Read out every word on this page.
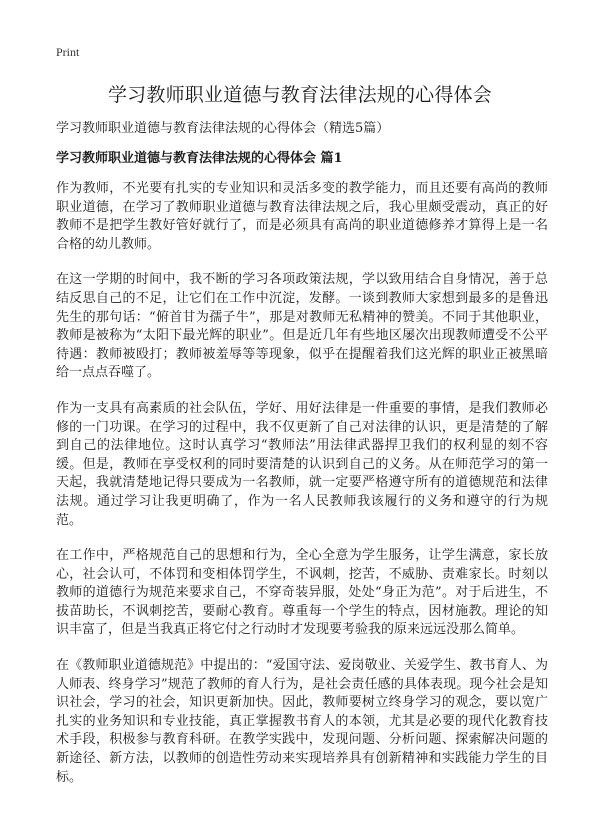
Print
学习教师职业道德与教育法律法规的心得体会

学习教师职业道德与教育法律法规的心得体会（精选5篇）

学习教师职业道德与教育法律法规的心得体会 篇1

作为教师，不光要有扎实的专业知识和灵活多变的教学能力，而且还要有高尚的教师职业道德，在学习了教师职业道德与教育法律法规之后，我心里颇受震动，真正的好教师不是把学生教好管好就行了，而是必须具有高尚的职业道德修养才算得上是一名合格的幼儿教师。

在这一学期的时间中，我不断的学习各项政策法规，学以致用结合自身情况，善于总结反思自己的不足，让它们在工作中沉淀，发酵。一谈到教师大家想到最多的是鲁迅先生的那句话：“俯首甘为孺子牛”，那是对教师无私精神的赞美。不同于其他职业，教师是被称为“太阳下最光辉的职业”。但是近几年有些地区屡次出现教师遭受不公平待遇：教师被殴打；教师被羞辱等等现象，似乎在提醒着我们这光辉的职业正被黑暗给一点点吞噬了。

作为一支具有高素质的社会队伍，学好、用好法律是一件重要的事情，是我们教师必修的一门功课。在学习的过程中，我不仅更新了自己对法律的认识，更是清楚的了解到自己的法律地位。这时认真学习“教师法”用法律武器捍卫我们的权利显的刻不容缓。但是，教师在享受权利的同时要清楚的认识到自己的义务。从在师范学习的第一天起，我就清楚地记得只要成为一名教师，就一定要严格遵守所有的道德规范和法律法规。通过学习让我更明确了，作为一名人民教师我该履行的义务和遵守的行为规范。

在工作中，严格规范自己的思想和行为，全心全意为学生服务，让学生满意，家长放心，社会认可，不体罚和变相体罚学生，不讽刺，挖苦，不威胁、责难家长。时刻以教师的道德行为规范来要求自己，不穿奇装异服，处处“身正为范”。对于后进生，不拔苗助长，不讽刺挖苦，要耐心教育。尊重每一个学生的特点，因材施教。理论的知识丰富了，但是当我真正将它付之行动时才发现要考验我的原来远远没那么简单。

在《教师职业道德规范》中提出的：“爱国守法、爱岗敬业、关爱学生、教书育人、为人师表、终身学习”规范了教师的育人行为，是社会责任感的具体表现。现今社会是知识社会，学习的社会，知识更新加快。因此，教师要树立终身学习的观念，要以宽广扎实的业务知识和专业技能，真正掌握教书育人的本领，尤其是必要的现代化教育技术手段，积极参与教育科研。在教学实践中，发现问题、分析问题、探索解决问题的新途径、新方法，以教师的创造性劳动来实现培养具有创新精神和实践能力学生的目标。
